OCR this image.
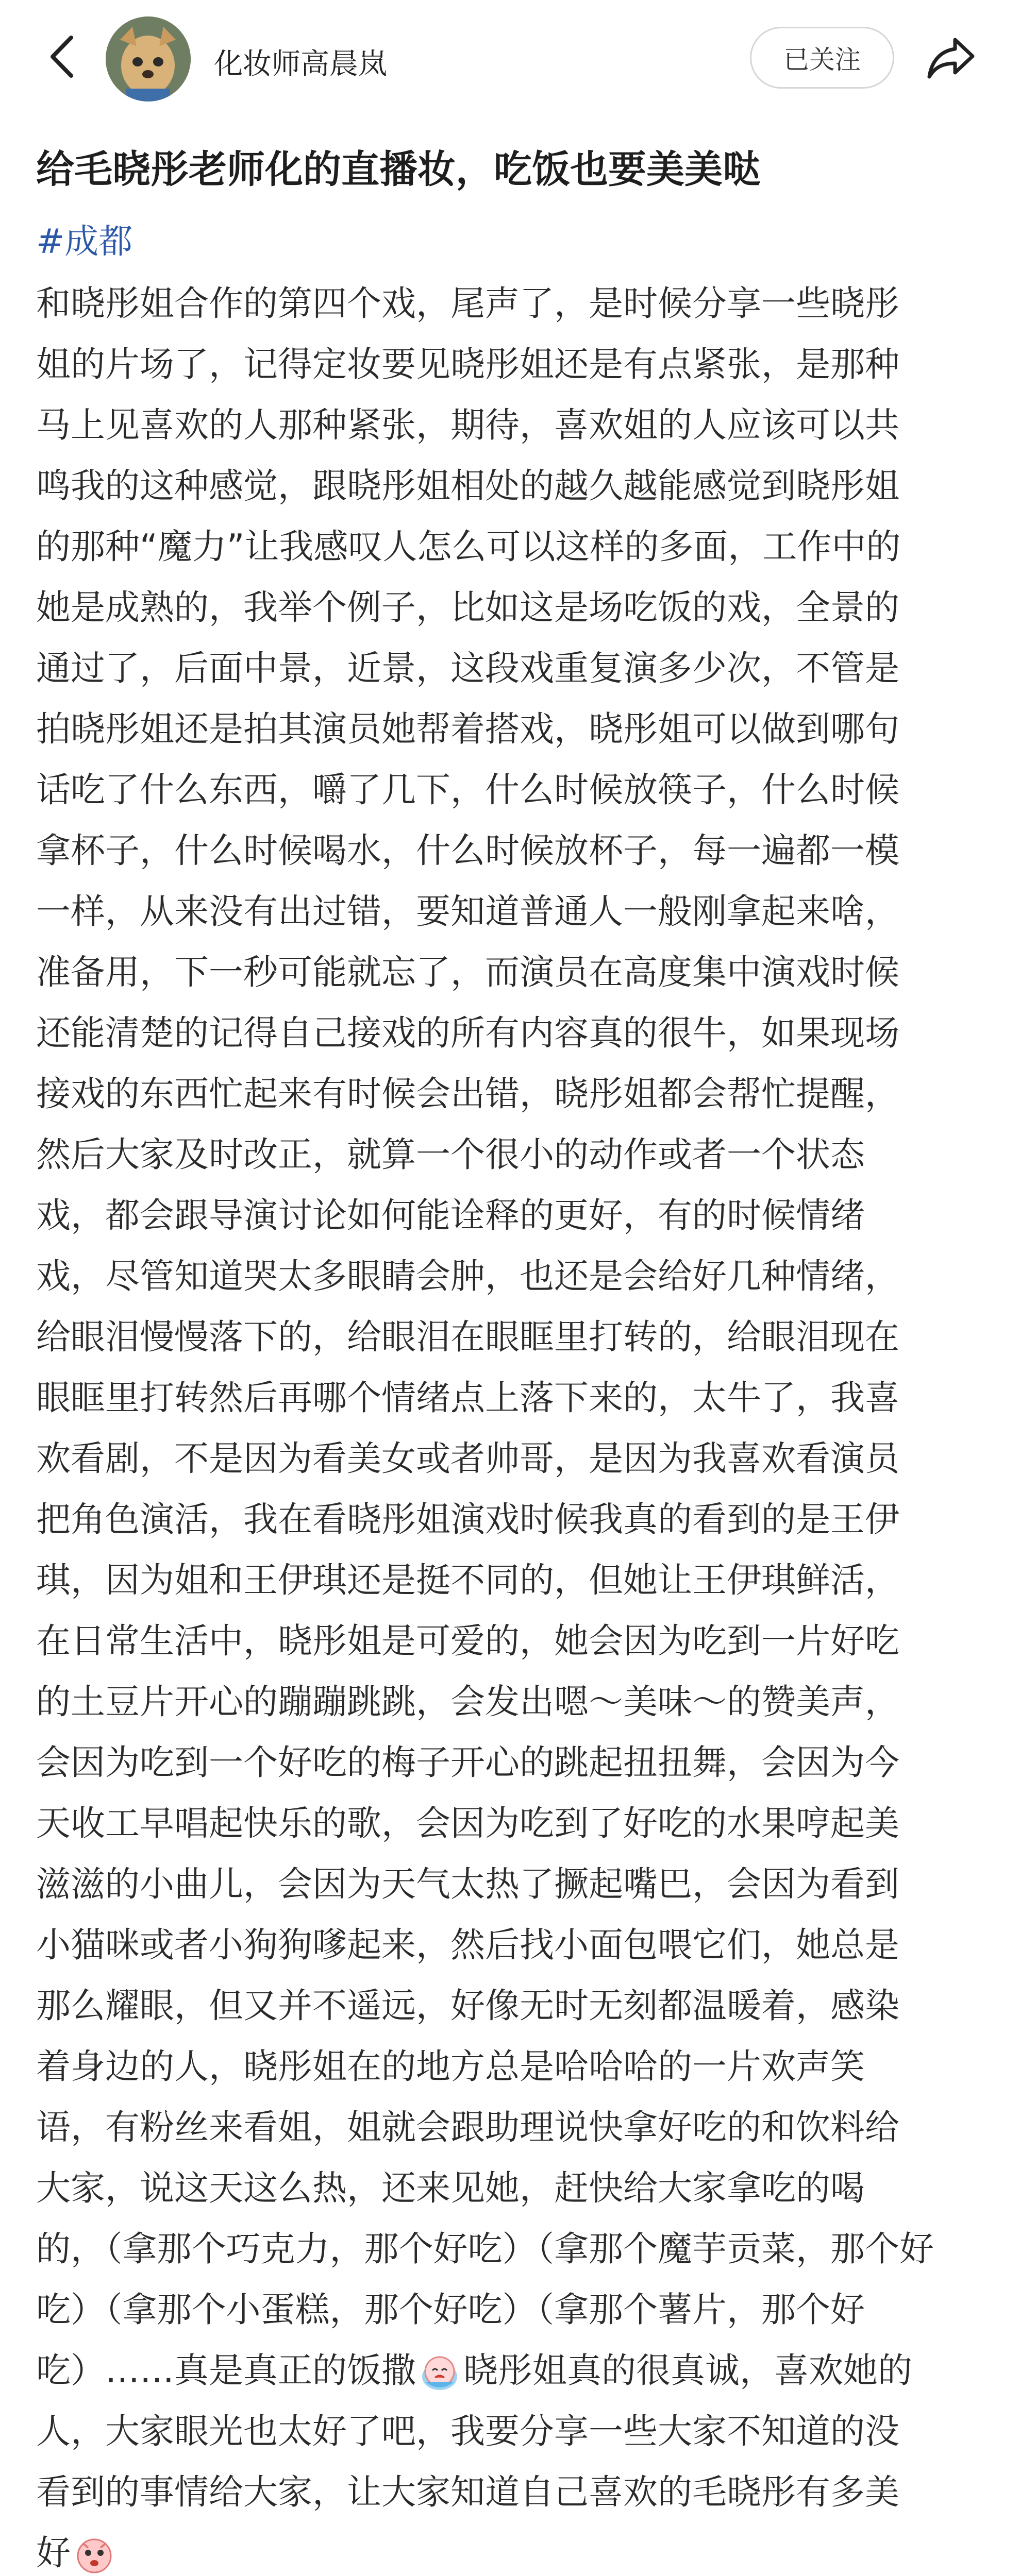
化妆师高晨岚	已关注
给毛晓彤老师化的直播妆，吃饭也要美美哒
#成都
和晓彤姐合作的第四个戏，尾声了，是时候分享一些晓彤
姐的片场了，记得定妆要见晓彤姐还是有点紧张，是那种
马上见喜欢的人那种紧张，期待，喜欢姐的人应该可以共
鸣我的这种感觉，跟晓彤姐相处的越久越能感觉到晓彤姐
的那种“魔力”让我感叹人怎么可以这样的多面，工作中的
她是成熟的，我举个例子，比如这是场吃饭的戏，全景的
通过了，后面中景，近景，这段戏重复演多少次，不管是
拍晓彤姐还是拍其演员她帮着搭戏，晓彤姐可以做到哪句
话吃了什么东西，嚼了几下，什么时候放筷子，什么时候
拿杯子，什么时候喝水，什么时候放杯子，每一遍都一模
一样，从来没有出过错，要知道普通人一般刚拿起来啥，
准备用，下一秒可能就忘了，而演员在高度集中演戏时候
还能清楚的记得自己接戏的所有内容真的很牛，如果现场
接戏的东西忙起来有时候会出错，晓彤姐都会帮忙提醒，
然后大家及时改正，就算一个很小的动作或者一个状态
戏，都会跟导演讨论如何能诠释的更好，有的时候情绪
戏，尽管知道哭太多眼睛会肿，也还是会给好几种情绪，
给眼泪慢慢落下的，给眼泪在眼眶里打转的，给眼泪现在
眼眶里打转然后再哪个情绪点上落下来的，太牛了，我喜
欢看剧，不是因为看美女或者帅哥，是因为我喜欢看演员
把角色演活，我在看晓彤姐演戏时候我真的看到的是王伊
琪，因为姐和王伊琪还是挺不同的，但她让王伊琪鲜活，
在日常生活中，晓彤姐是可爱的，她会因为吃到一片好吃
的土豆片开心的蹦蹦跳跳，会发出嗯～美味～的赞美声，
会因为吃到一个好吃的梅子开心的跳起扭扭舞，会因为今
天收工早唱起快乐的歌，会因为吃到了好吃的水果哼起美
滋滋的小曲儿，会因为天气太热了撅起嘴巴，会因为看到
小猫咪或者小狗狗嗲起来，然后找小面包喂它们，她总是
那么耀眼，但又并不遥远，好像无时无刻都温暖着，感染
着身边的人，晓彤姐在的地方总是哈哈哈的一片欢声笑
语，有粉丝来看姐，姐就会跟助理说快拿好吃的和饮料给
大家，说这天这么热，还来见她，赶快给大家拿吃的喝
的，（拿那个巧克力，那个好吃）（拿那个魔芋贡菜，那个好
吃）（拿那个小蛋糕，那个好吃）（拿那个薯片，那个好
吃）……真是真正的饭撒 晓彤姐真的很真诚，喜欢她的
人，大家眼光也太好了吧，我要分享一些大家不知道的没
看到的事情给大家，让大家知道自己喜欢的毛晓彤有多美
好
